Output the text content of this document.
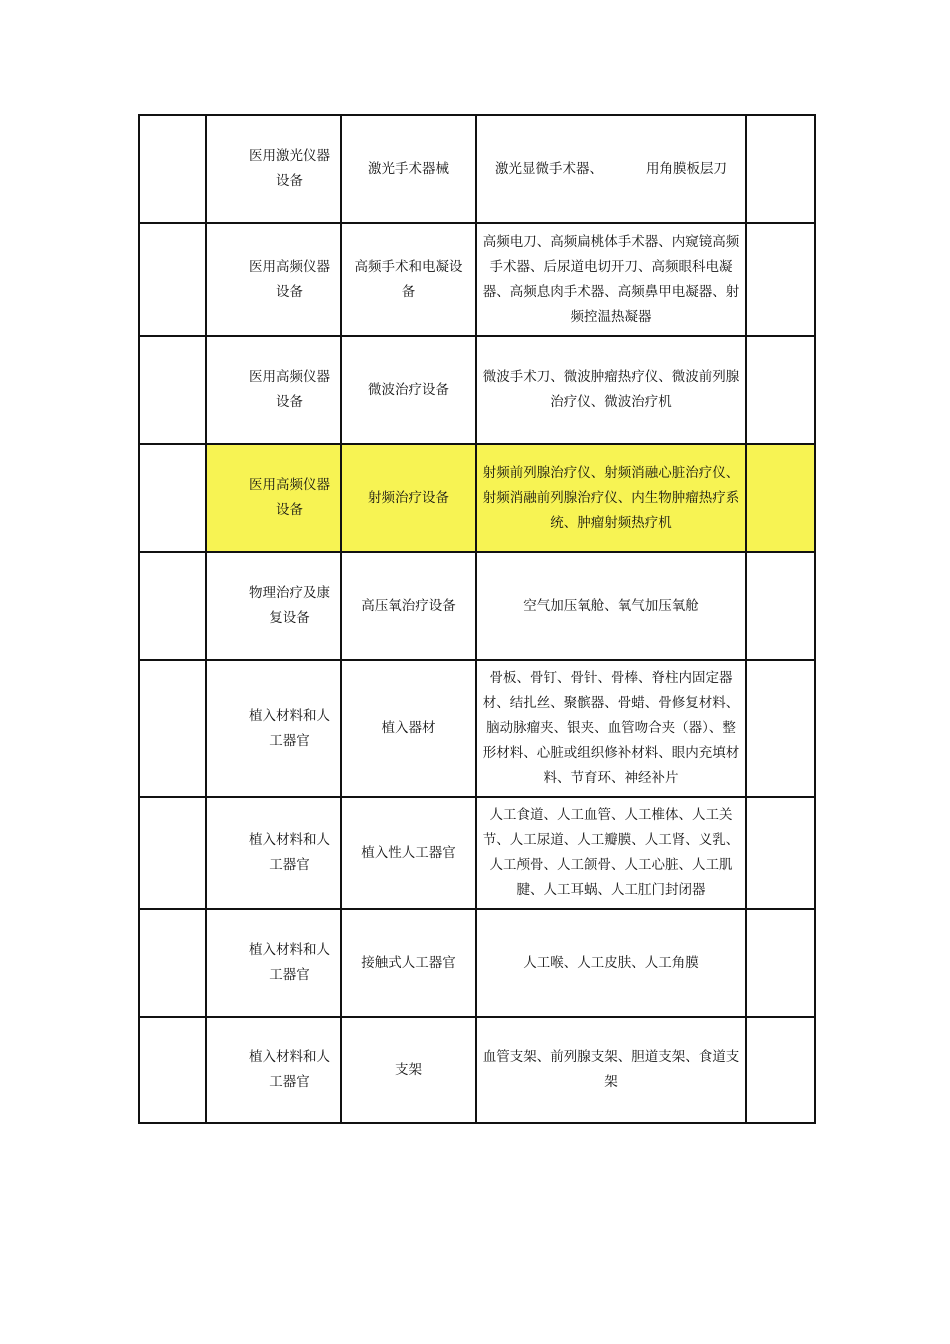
	医用激光仪器设备	激光手术器械	激光显微手术器、          用角膜板层刀	
	医用高频仪器设备	高频手术和电凝设备	高频电刀、高频扁桃体手术器、内窥镜高频手术器、后尿道电切开刀、高频眼科电凝器、高频息肉手术器、高频鼻甲电凝器、射频控温热凝器	
	医用高频仪器设备	微波治疗设备	微波手术刀、微波肿瘤热疗仪、微波前列腺治疗仪、微波治疗机	
	医用高频仪器设备	射频治疗设备	射频前列腺治疗仪、射频消融心脏治疗仪、射频消融前列腺治疗仪、内生物肿瘤热疗系统、肿瘤射频热疗机	
	物理治疗及康复设备	高压氧治疗设备	空气加压氧舱、氧气加压氧舱	
	植入材料和人工器官	植入器材	骨板、骨钉、骨针、骨棒、脊柱内固定器材、结扎丝、聚髌器、骨蜡、骨修复材料、脑动脉瘤夹、银夹、血管吻合夹（器）、整形材料、心脏或组织修补材料、眼内充填材料、节育环、神经补片	
	植入材料和人工器官	植入性人工器官	人工食道、人工血管、人工椎体、人工关节、人工尿道、人工瓣膜、人工肾、义乳、人工颅骨、人工颌骨、人工心脏、人工肌腱、人工耳蜗、人工肛门封闭器	
	植入材料和人工器官	接触式人工器官	人工喉、人工皮肤、人工角膜	
	植入材料和人工器官	支架	血管支架、前列腺支架、胆道支架、食道支架	
